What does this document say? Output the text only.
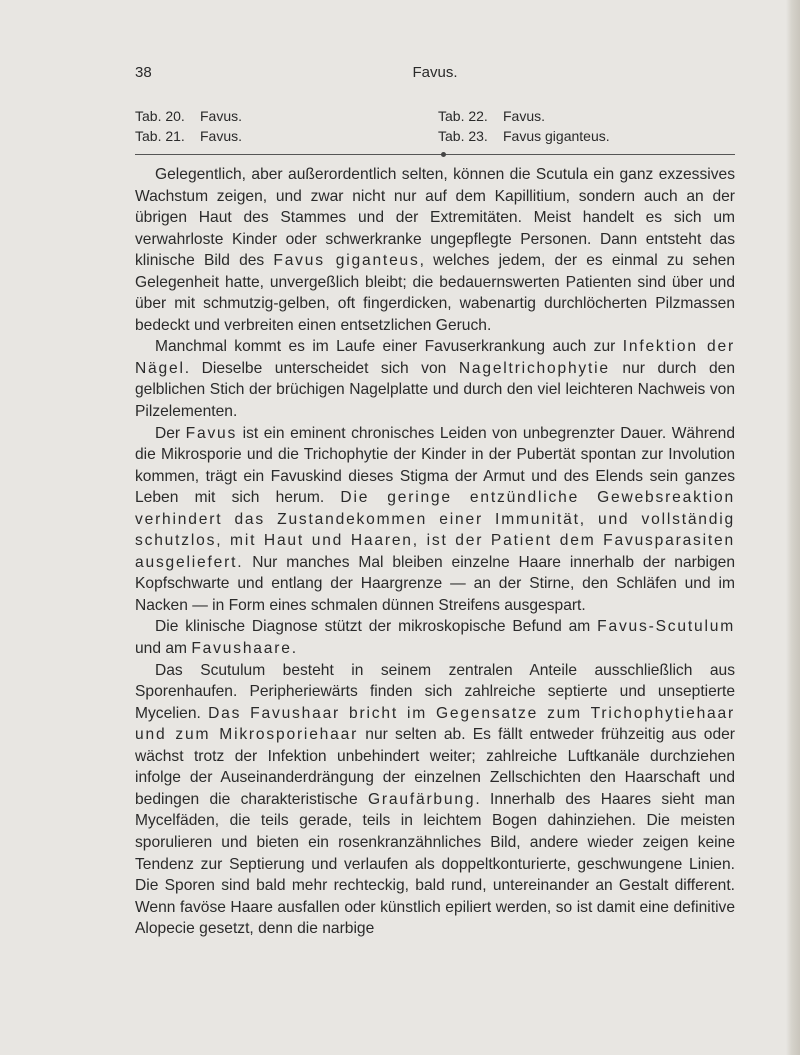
38	Favus.
Tab. 20. Favus.
Tab. 21. Favus.
Tab. 22. Favus.
Tab. 23. Favus giganteus.

Gelegentlich, aber außerordentlich selten, können die Scutula ein ganz exzessives Wachstum zeigen, und zwar nicht nur auf dem Kapillitium, sondern auch an der übrigen Haut des Stammes und der Extremitäten. Meist handelt es sich um verwahrloste Kinder oder schwerkranke ungepflegte Personen. Dann entsteht das klinische Bild des Favus giganteus, welches jedem, der es einmal zu sehen Gelegenheit hatte, unvergeßlich bleibt; die bedauernswerten Patienten sind über und über mit schmutzig-gelben, oft fingerdicken, wabenartig durchlöcherten Pilzmassen bedeckt und verbreiten einen entsetzlichen Geruch.

Manchmal kommt es im Laufe einer Favuserkrankung auch zur Infektion der Nägel. Dieselbe unterscheidet sich von Nageltrichophytie nur durch den gelblichen Stich der brüchigen Nagelplatte und durch den viel leichteren Nachweis von Pilzelementen.

Der Favus ist ein eminent chronisches Leiden von unbegrenzter Dauer. Während die Mikrosporie und die Trichophytie der Kinder in der Pubertät spontan zur Involution kommen, trägt ein Favuskind dieses Stigma der Armut und des Elends sein ganzes Leben mit sich herum. Die geringe entzündliche Gewebsreaktion verhindert das Zustandekommen einer Immunität, und vollständig schutzlos, mit Haut und Haaren, ist der Patient dem Favusparasiten ausgeliefert. Nur manches Mal bleiben einzelne Haare innerhalb der narbigen Kopfschwarte und entlang der Haargrenze — an der Stirne, den Schläfen und im Nacken — in Form eines schmalen dünnen Streifens ausgespart.

Die klinische Diagnose stützt der mikroskopische Befund am Favus-Scutulum und am Favushaare.

Das Scutulum besteht in seinem zentralen Anteile ausschließlich aus Sporenhaufen. Peripheriewärts finden sich zahlreiche septierte und unseptierte Mycelien. Das Favushaar bricht im Gegensatze zum Trichophytiehaar und zum Mikrosporiehaar nur selten ab. Es fällt entweder frühzeitig aus oder wächst trotz der Infektion unbehindert weiter; zahlreiche Luftkanäle durchziehen infolge der Auseinanderdrängung der einzelnen Zellschichten den Haarschaft und bedingen die charakteristische Graufärbung. Innerhalb des Haares sieht man Mycelfäden, die teils gerade, teils in leichtem Bogen dahinziehen. Die meisten sporulieren und bieten ein rosenkranzähnliches Bild, andere wieder zeigen keine Tendenz zur Septierung und verlaufen als doppeltkonturierte, geschwungene Linien. Die Sporen sind bald mehr rechteckig, bald rund, untereinander an Gestalt different. Wenn favöse Haare ausfallen oder künstlich epiliert werden, so ist damit eine definitive Alopecie gesetzt, denn die narbige
